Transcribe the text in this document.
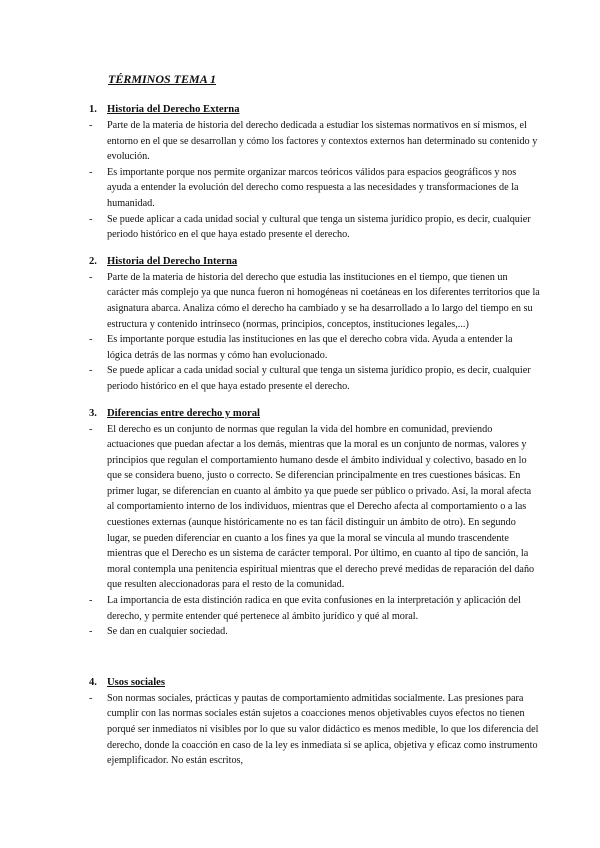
TÉRMINOS TEMA 1
1. Historia del Derecho Externa
-	Parte de la materia de historia del derecho dedicada a estudiar los sistemas normativos en sí mismos, el entorno en el que se desarrollan y cómo los factores y contextos externos han determinado su contenido y evolución.
-	Es importante porque nos permite organizar marcos teóricos válidos para espacios geográficos y nos ayuda a entender la evolución del derecho como respuesta a las necesidades y transformaciones de la humanidad.
-	Se puede aplicar a cada unidad social y cultural que tenga un sistema jurídico propio, es decir, cualquier periodo histórico en el que haya estado presente el derecho.
2. Historia del Derecho Interna
-	Parte de la materia de historia del derecho que estudia las instituciones en el tiempo, que tienen un carácter más complejo ya que nunca fueron ni homogéneas ni coetáneas en los diferentes territorios que la asignatura abarca. Analiza cómo el derecho ha cambiado y se ha desarrollado a lo largo del tiempo en su estructura y contenido intrínseco (normas, principios, conceptos, instituciones legales,...)
-	Es importante porque estudia las instituciones en las que el derecho cobra vida. Ayuda a entender la lógica detrás de las normas y cómo han evolucionado.
-	Se puede aplicar a cada unidad social y cultural que tenga un sistema jurídico propio, es decir, cualquier periodo histórico en el que haya estado presente el derecho.
3. Diferencias entre derecho y moral
-	El derecho es un conjunto de normas que regulan la vida del hombre en comunidad, previendo actuaciones que puedan afectar a los demás, mientras que la moral es un conjunto de normas, valores y principios que regulan el comportamiento humano desde el ámbito individual y colectivo, basado en lo que se considera bueno, justo o correcto. Se diferencian principalmente en tres cuestiones básicas. En primer lugar, se diferencian en cuanto al ámbito ya que puede ser público o privado. Así, la moral afecta al comportamiento interno de los individuos, mientras que el Derecho afecta al comportamiento o a las cuestiones externas (aunque históricamente no es tan fácil distinguir un ámbito de otro). En segundo lugar, se pueden diferenciar en cuanto a los fines ya que la moral se vincula al mundo trascendente mientras que el Derecho es un sistema de carácter temporal. Por último, en cuanto al tipo de sanción, la moral contempla una penitencia espiritual mientras que el derecho prevé medidas de reparación del daño que resulten aleccionadoras para el resto de la comunidad.
-	La importancia de esta distinción radica en que evita confusiones en la interpretación y aplicación del derecho, y permite entender qué pertenece al ámbito jurídico y qué al moral.
-	Se dan en cualquier sociedad.
4. Usos sociales
-	Son normas sociales, prácticas y pautas de comportamiento admitidas socialmente. Las presiones para cumplir con las normas sociales están sujetos a coacciones menos objetivables cuyos efectos no tienen porqué ser inmediatos ni visibles por lo que su valor didáctico es menos medible, lo que los diferencia del derecho, donde la coacción en caso de la ley es inmediata si se aplica, objetiva y eficaz como instrumento ejemplificador. No están escritos,
